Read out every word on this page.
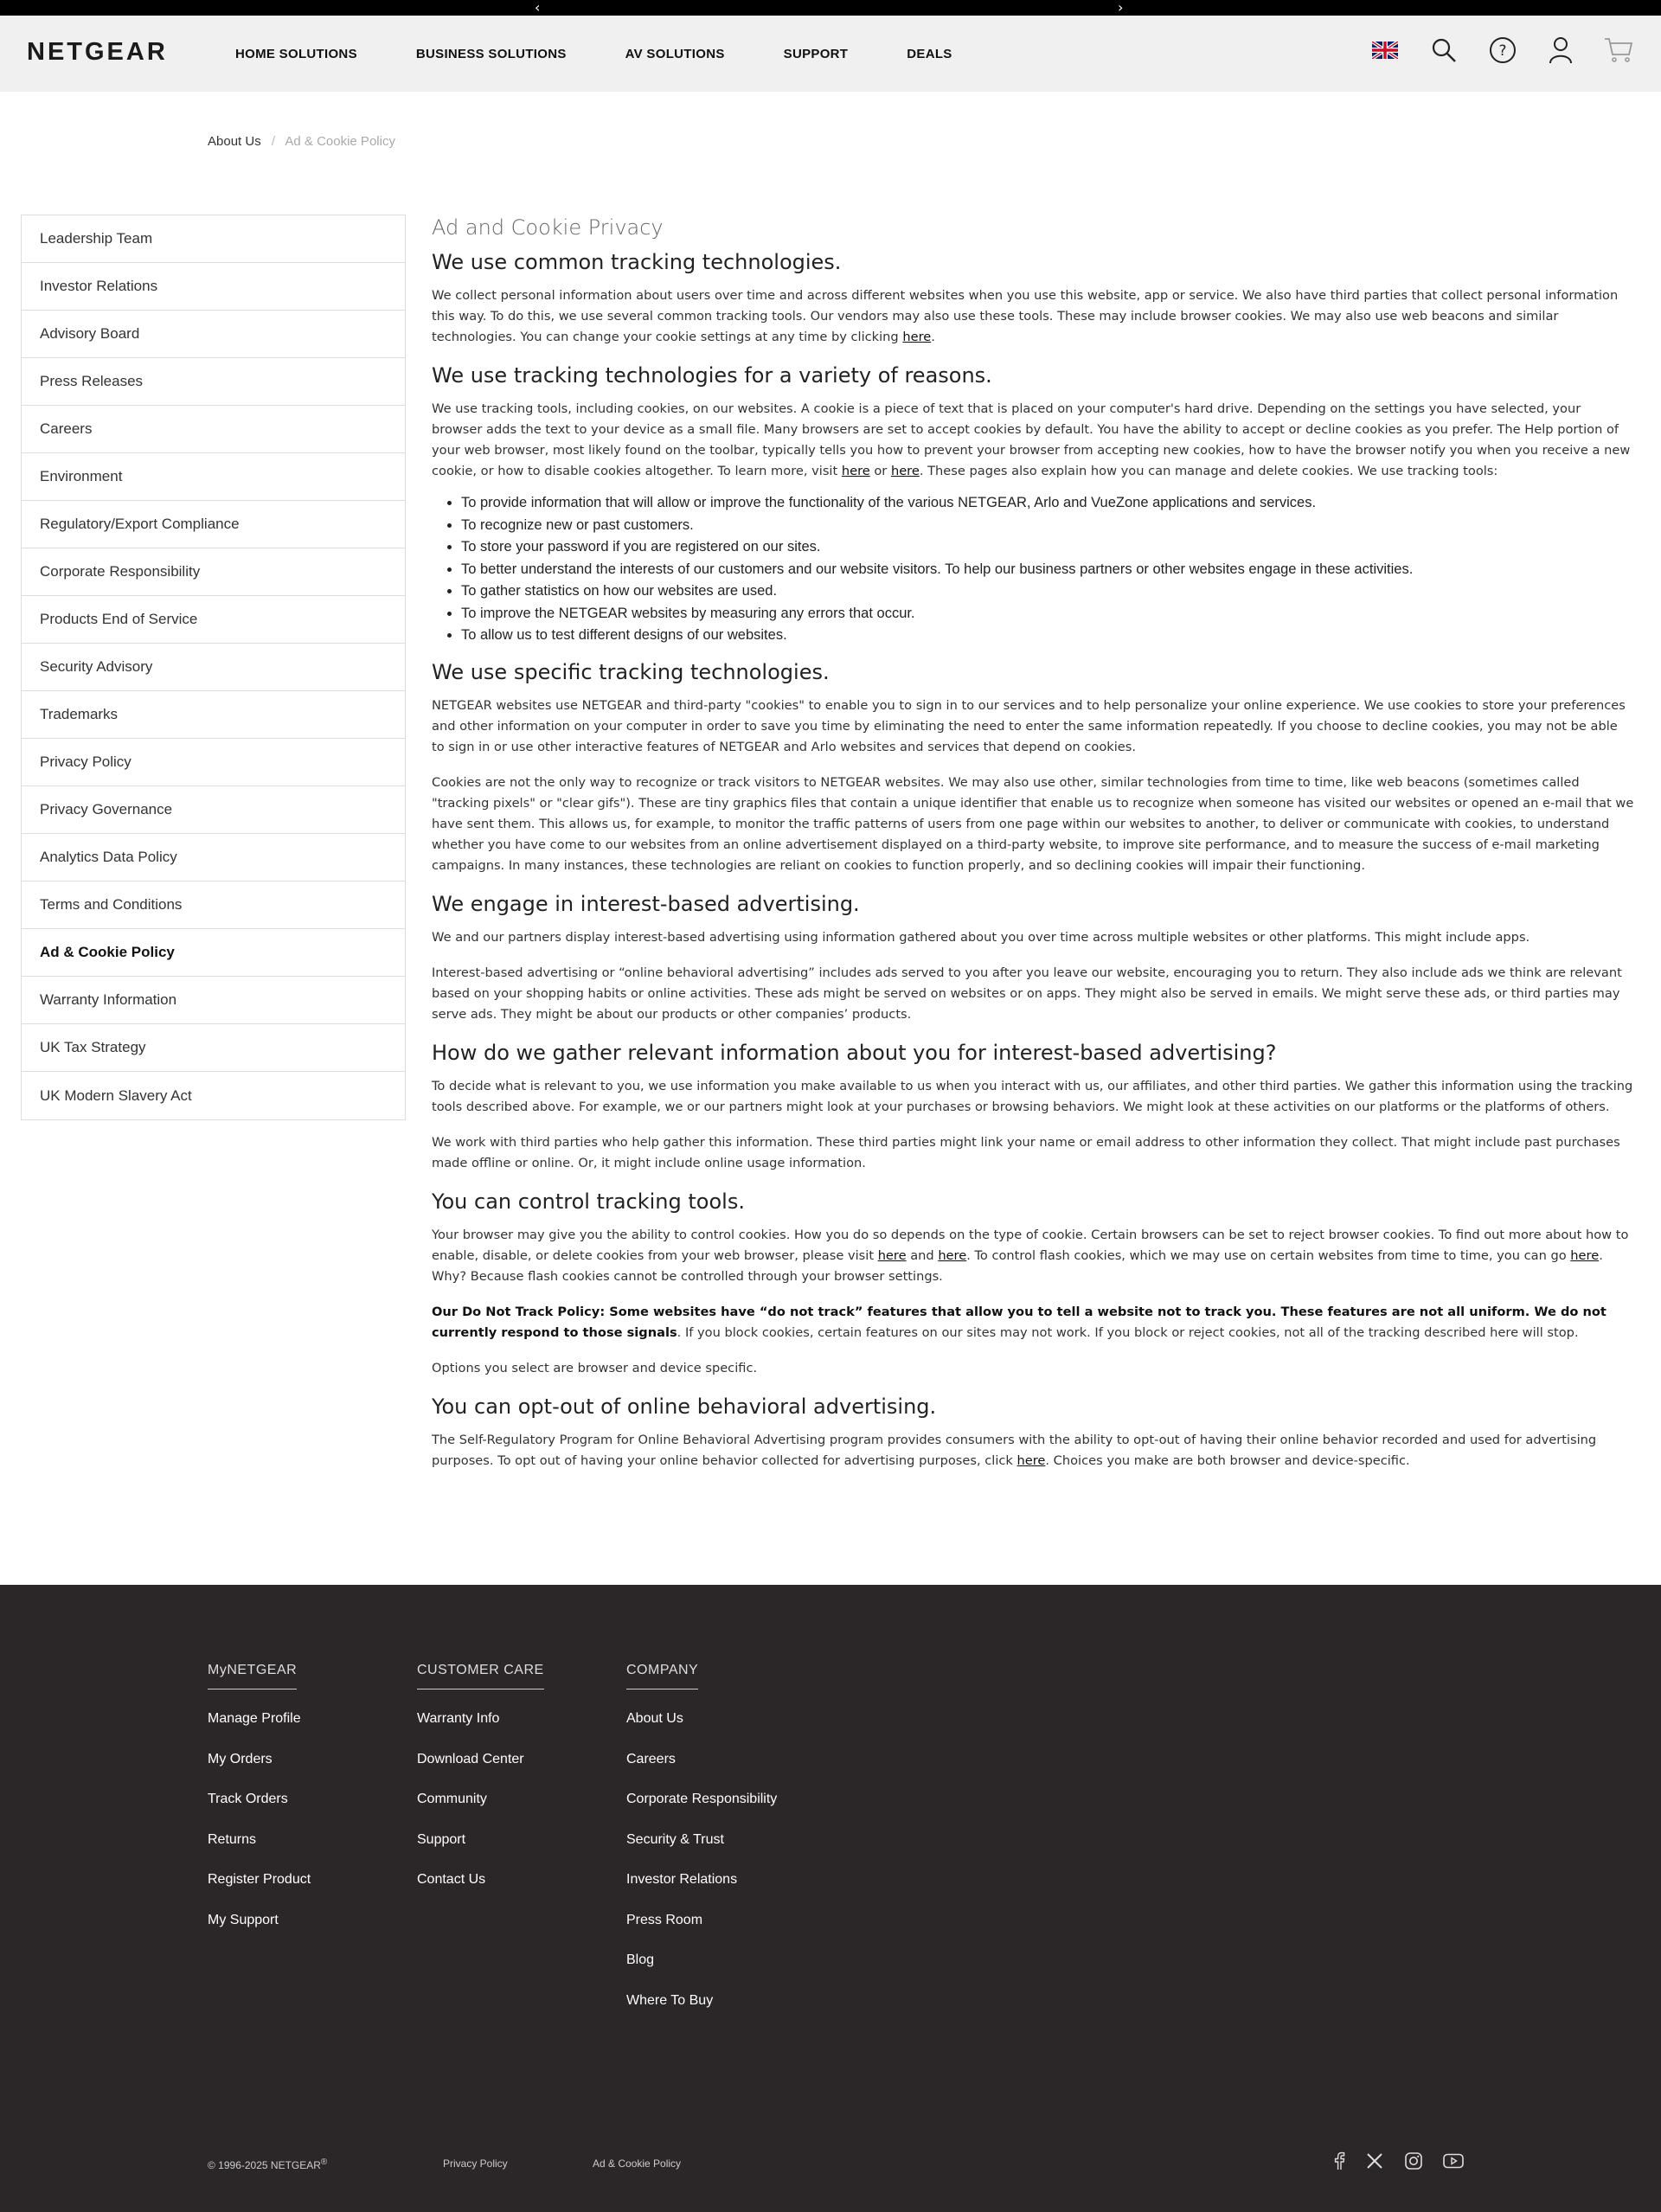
‹	›
NETGEAR	HOME SOLUTIONS	BUSINESS SOLUTIONS	AV SOLUTIONS	SUPPORT	DEALS	?
About Us / Ad & Cookie Policy
Leadership Team
Investor Relations
Advisory Board
Press Releases
Careers
Environment
Regulatory/Export Compliance
Corporate Responsibility
Products End of Service
Security Advisory
Trademarks
Privacy Policy
Privacy Governance
Analytics Data Policy
Terms and Conditions
Ad & Cookie Policy
Warranty Information
UK Tax Strategy
UK Modern Slavery Act
Ad and Cookie Privacy
We use common tracking technologies.

We collect personal information about users over time and across different websites when you use this website, app or service. We also have third parties that collect personal information this way. To do this, we use several common tracking tools. Our vendors may also use these tools. These may include browser cookies. We may also use web beacons and similar technologies. You can change your cookie settings at any time by clicking here.

We use tracking technologies for a variety of reasons.

We use tracking tools, including cookies, on our websites. A cookie is a piece of text that is placed on your computer's hard drive. Depending on the settings you have selected, your browser adds the text to your device as a small file. Many browsers are set to accept cookies by default. You have the ability to accept or decline cookies as you prefer. The Help portion of your web browser, most likely found on the toolbar, typically tells you how to prevent your browser from accepting new cookies, how to have the browser notify you when you receive a new cookie, or how to disable cookies altogether. To learn more, visit here or here. These pages also explain how you can manage and delete cookies. We use tracking tools:

• To provide information that will allow or improve the functionality of the various NETGEAR, Arlo and VueZone applications and services.
• To recognize new or past customers.
• To store your password if you are registered on our sites.
• To better understand the interests of our customers and our website visitors. To help our business partners or other websites engage in these activities.
• To gather statistics on how our websites are used.
• To improve the NETGEAR websites by measuring any errors that occur.
• To allow us to test different designs of our websites.
We use specific tracking technologies.

NETGEAR websites use NETGEAR and third-party "cookies" to enable you to sign in to our services and to help personalize your online experience. We use cookies to store your preferences and other information on your computer in order to save you time by eliminating the need to enter the same information repeatedly. If you choose to decline cookies, you may not be able to sign in or use other interactive features of NETGEAR and Arlo websites and services that depend on cookies.

Cookies are not the only way to recognize or track visitors to NETGEAR websites. We may also use other, similar technologies from time to time, like web beacons (sometimes called "tracking pixels" or "clear gifs"). These are tiny graphics files that contain a unique identifier that enable us to recognize when someone has visited our websites or opened an e-mail that we have sent them. This allows us, for example, to monitor the traffic patterns of users from one page within our websites to another, to deliver or communicate with cookies, to understand whether you have come to our websites from an online advertisement displayed on a third-party website, to improve site performance, and to measure the success of e-mail marketing campaigns. In many instances, these technologies are reliant on cookies to function properly, and so declining cookies will impair their functioning.

We engage in interest-based advertising.

We and our partners display interest-based advertising using information gathered about you over time across multiple websites or other platforms. This might include apps.

Interest-based advertising or “online behavioral advertising” includes ads served to you after you leave our website, encouraging you to return. They also include ads we think are relevant based on your shopping habits or online activities. These ads might be served on websites or on apps. They might also be served in emails. We might serve these ads, or third parties may serve ads. They might be about our products or other companies’ products.

How do we gather relevant information about you for interest-based advertising?

To decide what is relevant to you, we use information you make available to us when you interact with us, our affiliates, and other third parties. We gather this information using the tracking tools described above. For example, we or our partners might look at your purchases or browsing behaviors. We might look at these activities on our platforms or the platforms of others.

We work with third parties who help gather this information. These third parties might link your name or email address to other information they collect. That might include past purchases made offline or online. Or, it might include online usage information.

You can control tracking tools.

Your browser may give you the ability to control cookies. How you do so depends on the type of cookie. Certain browsers can be set to reject browser cookies. To find out more about how to enable, disable, or delete cookies from your web browser, please visit here and here. To control flash cookies, which we may use on certain websites from time to time, you can go here. Why? Because flash cookies cannot be controlled through your browser settings.

Our Do Not Track Policy: Some websites have “do not track” features that allow you to tell a website not to track you. These features are not all uniform. We do not currently respond to those signals. If you block cookies, certain features on our sites may not work. If you block or reject cookies, not all of the tracking described here will stop.

Options you select are browser and device specific.

You can opt-out of online behavioral advertising.

The Self-Regulatory Program for Online Behavioral Advertising program provides consumers with the ability to opt-out of having their online behavior recorded and used for advertising purposes. To opt out of having your online behavior collected for advertising purposes, click here. Choices you make are both browser and device-specific.

MyNETGEAR
Manage Profile
My Orders
Track Orders
Returns
Register Product
My Support
CUSTOMER CARE
Warranty Info
Download Center
Community
Support
Contact Us
COMPANY
About Us
Careers
Corporate Responsibility
Security & Trust
Investor Relations
Press Room
Blog
Where To Buy
© 1996-2025 NETGEAR®	Privacy Policy	Ad & Cookie Policy
